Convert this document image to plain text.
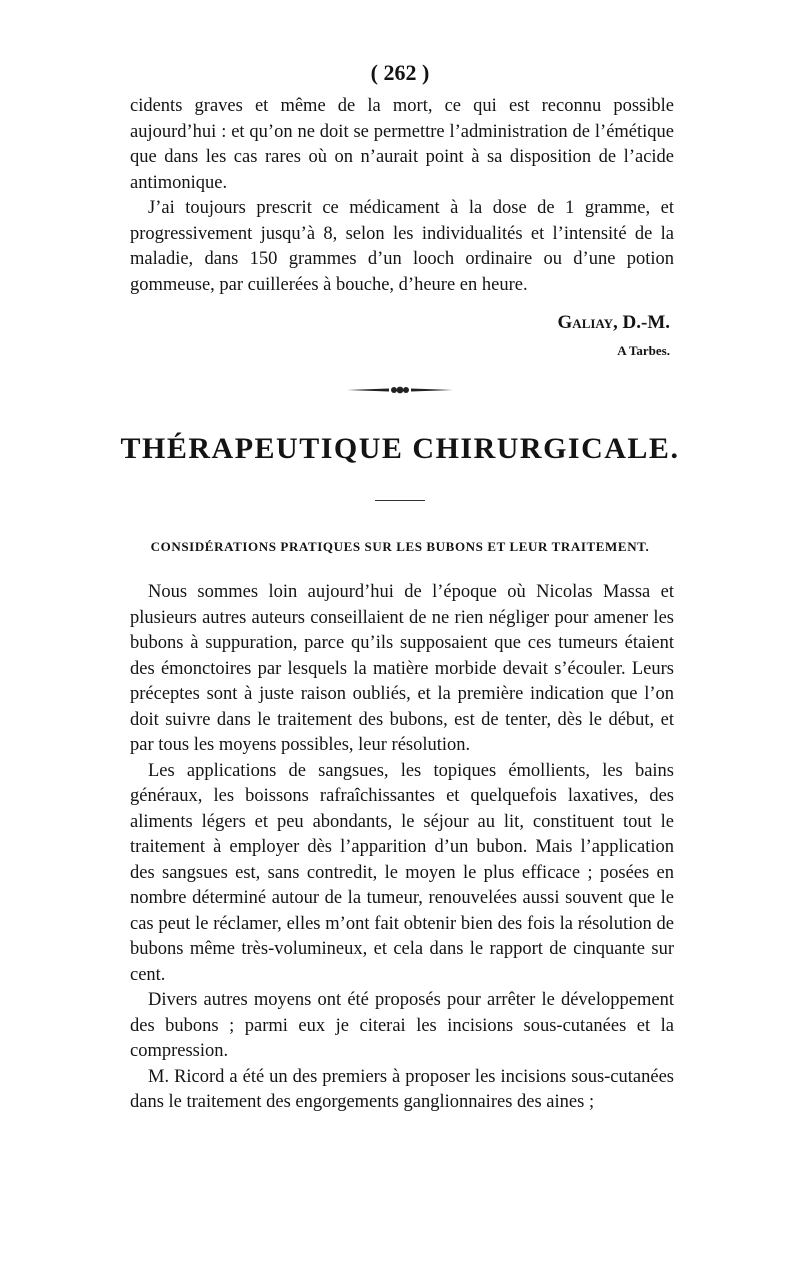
( 262 )

cidents graves et même de la mort, ce qui est reconnu possible aujourd’hui : et qu’on ne doit se permettre l’administration de l’émétique que dans les cas rares où on n’aurait point à sa disposition de l’acide antimonique.

J’ai toujours prescrit ce médicament à la dose de 1 gramme, et progressivement jusqu’à 8, selon les individualités et l’intensité de la maladie, dans 150 grammes d’un looch ordinaire ou d’une potion gommeuse, par cuillerées à bouche, d’heure en heure.

Galiay, D.-M.
A Tarbes.
THÉRAPEUTIQUE CHIRURGICALE.
CONSIDÉRATIONS PRATIQUES SUR LES BUBONS ET LEUR TRAITEMENT.

Nous sommes loin aujourd’hui de l’époque où Nicolas Massa et plusieurs autres auteurs conseillaient de ne rien négliger pour amener les bubons à suppuration, parce qu’ils supposaient que ces tumeurs étaient des émonctoires par lesquels la matière morbide devait s’écouler. Leurs préceptes sont à juste raison oubliés, et la première indication que l’on doit suivre dans le traitement des bubons, est de tenter, dès le début, et par tous les moyens possibles, leur résolution.

Les applications de sangsues, les topiques émollients, les bains généraux, les boissons rafraîchissantes et quelquefois laxatives, des aliments légers et peu abondants, le séjour au lit, constituent tout le traitement à employer dès l’apparition d’un bubon. Mais l’application des sangsues est, sans contredit, le moyen le plus efficace ; posées en nombre déterminé autour de la tumeur, renouvelées aussi souvent que le cas peut le réclamer, elles m’ont fait obtenir bien des fois la résolution de bubons même très-volumineux, et cela dans le rapport de cinquante sur cent.

Divers autres moyens ont été proposés pour arrêter le développement des bubons ; parmi eux je citerai les incisions sous-cutanées et la compression.

M. Ricord a été un des premiers à proposer les incisions sous-cutanées dans le traitement des engorgements ganglionnaires des aines ;
